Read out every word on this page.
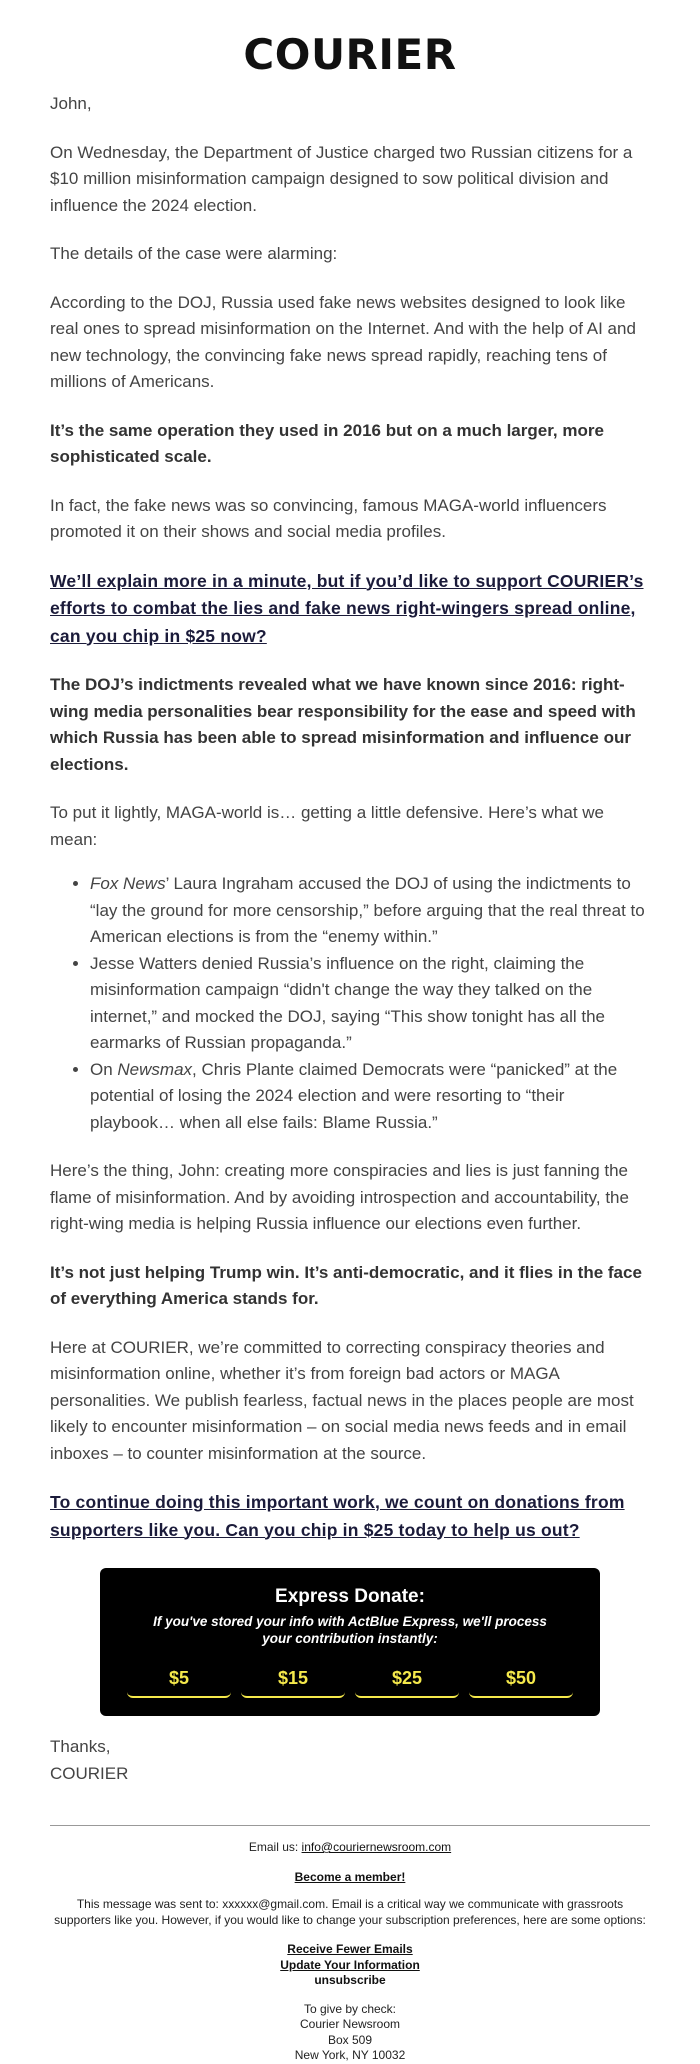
COURIER

John,

On Wednesday, the Department of Justice charged two Russian citizens for a $10 million misinformation campaign designed to sow political division and influence the 2024 election.

The details of the case were alarming:

According to the DOJ, Russia used fake news websites designed to look like real ones to spread misinformation on the Internet. And with the help of AI and new technology, the convincing fake news spread rapidly, reaching tens of millions of Americans.

It’s the same operation they used in 2016 but on a much larger, more sophisticated scale.

In fact, the fake news was so convincing, famous MAGA-world influencers promoted it on their shows and social media profiles.

We’ll explain more in a minute, but if you’d like to support COURIER’s efforts to combat the lies and fake news right-wingers spread online, can you chip in $25 now?

The DOJ’s indictments revealed what we have known since 2016: right-wing media personalities bear responsibility for the ease and speed with which Russia has been able to spread misinformation and influence our elections.

To put it lightly, MAGA-world is… getting a little defensive. Here’s what we mean:

• Fox News’ Laura Ingraham accused the DOJ of using the indictments to “lay the ground for more censorship,” before arguing that the real threat to American elections is from the “enemy within.”
• Jesse Watters denied Russia’s influence on the right, claiming the misinformation campaign “didn't change the way they talked on the internet,” and mocked the DOJ, saying “This show tonight has all the earmarks of Russian propaganda.”
• On Newsmax, Chris Plante claimed Democrats were “panicked” at the potential of losing the 2024 election and were resorting to “their playbook… when all else fails: Blame Russia.”

Here’s the thing, John: creating more conspiracies and lies is just fanning the flame of misinformation. And by avoiding introspection and accountability, the right-wing media is helping Russia influence our elections even further.

It’s not just helping Trump win. It’s anti-democratic, and it flies in the face of everything America stands for.

Here at COURIER, we’re committed to correcting conspiracy theories and misinformation online, whether it’s from foreign bad actors or MAGA personalities. We publish fearless, factual news in the places people are most likely to encounter misinformation – on social media news feeds and in email inboxes – to counter misinformation at the source.

To continue doing this important work, we count on donations from supporters like you. Can you chip in $25 today to help us out?

Express Donate:
If you've stored your info with ActBlue Express, we'll process your contribution instantly:
$5	$15	$25	$50

Thanks,

COURIER

Email us: info@couriernewsroom.com
Become a member!
This message was sent to: xxxxxx@gmail.com. Email is a critical way we communicate with grassroots supporters like you. However, if you would like to change your subscription preferences, here are some options:
Receive Fewer Emails
Update Your Information
unsubscribe
To give by check:
Courier Newsroom
Box 509
New York, NY 10032
